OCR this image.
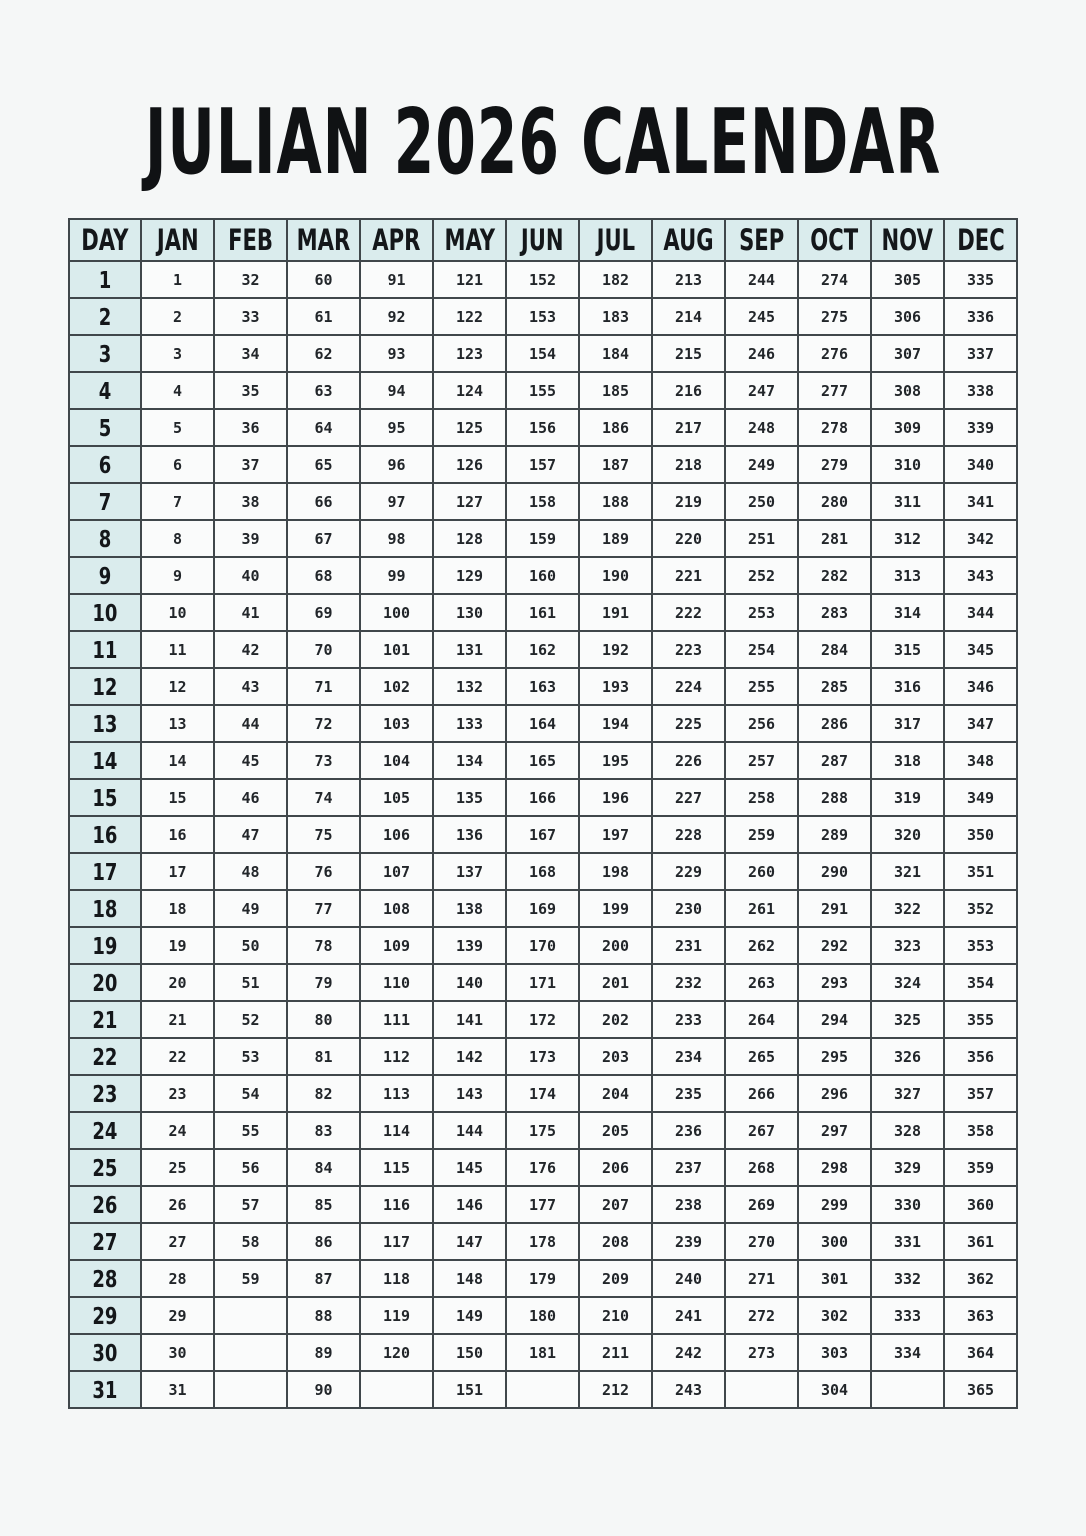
JULIAN 2026 CALENDAR
DAY	JAN	FEB	MAR	APR	MAY	JUN	JUL	AUG	SEP	OCT	NOV	DEC
1	1	32	60	91	121	152	182	213	244	274	305	335
2	2	33	61	92	122	153	183	214	245	275	306	336
3	3	34	62	93	123	154	184	215	246	276	307	337
4	4	35	63	94	124	155	185	216	247	277	308	338
5	5	36	64	95	125	156	186	217	248	278	309	339
6	6	37	65	96	126	157	187	218	249	279	310	340
7	7	38	66	97	127	158	188	219	250	280	311	341
8	8	39	67	98	128	159	189	220	251	281	312	342
9	9	40	68	99	129	160	190	221	252	282	313	343
10	10	41	69	100	130	161	191	222	253	283	314	344
11	11	42	70	101	131	162	192	223	254	284	315	345
12	12	43	71	102	132	163	193	224	255	285	316	346
13	13	44	72	103	133	164	194	225	256	286	317	347
14	14	45	73	104	134	165	195	226	257	287	318	348
15	15	46	74	105	135	166	196	227	258	288	319	349
16	16	47	75	106	136	167	197	228	259	289	320	350
17	17	48	76	107	137	168	198	229	260	290	321	351
18	18	49	77	108	138	169	199	230	261	291	322	352
19	19	50	78	109	139	170	200	231	262	292	323	353
20	20	51	79	110	140	171	201	232	263	293	324	354
21	21	52	80	111	141	172	202	233	264	294	325	355
22	22	53	81	112	142	173	203	234	265	295	326	356
23	23	54	82	113	143	174	204	235	266	296	327	357
24	24	55	83	114	144	175	205	236	267	297	328	358
25	25	56	84	115	145	176	206	237	268	298	329	359
26	26	57	85	116	146	177	207	238	269	299	330	360
27	27	58	86	117	147	178	208	239	270	300	331	361
28	28	59	87	118	148	179	209	240	271	301	332	362
29	29		88	119	149	180	210	241	272	302	333	363
30	30		89	120	150	181	211	242	273	303	334	364
31	31		90		151		212	243		304		365
